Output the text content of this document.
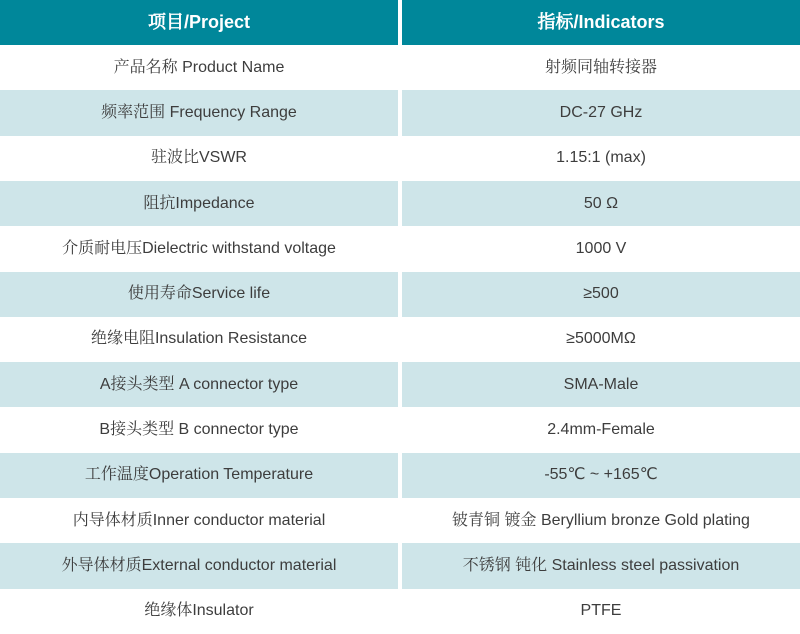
项目/Project	指标/Indicators
产品名称 Product Name	射频同轴转接器
频率范围 Frequency Range	DC-27 GHz
驻波比VSWR	1.15:1 (max)
阻抗Impedance	50 Ω
介质耐电压Dielectric withstand voltage	1000 V
使用寿命Service life	≥500
绝缘电阻Insulation Resistance	≥5000MΩ
A接头类型 A connector type	SMA-Male
B接头类型 B connector type	2.4mm-Female
工作温度Operation Temperature	-55℃ ~ +165℃
内导体材质Inner conductor material	铍青铜 镀金 Beryllium bronze Gold plating
外导体材质External conductor material	不锈钢 钝化 Stainless steel passivation
绝缘体Insulator	PTFE
